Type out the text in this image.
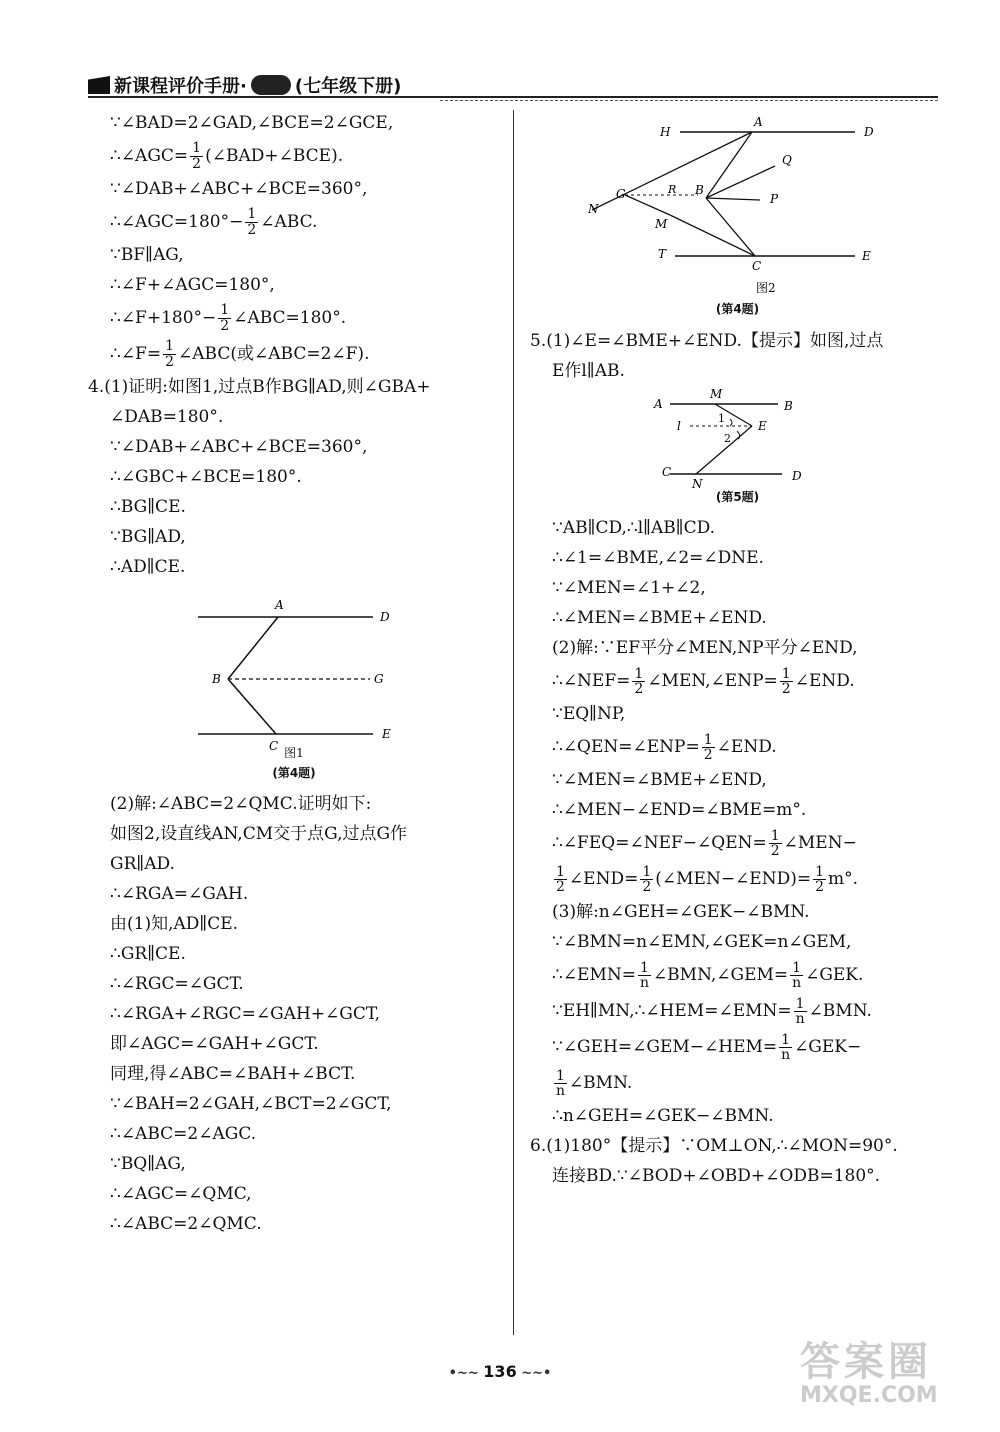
新课程评价手册·	(七年级下册)
∵∠BAD=2∠GAD,∠BCE=2∠GCE,
∴∠AGC= $\frac{1}{2}$ (∠BAD+∠BCE).
∵∠DAB+∠ABC+∠BCE=360°,
∴∠AGC=180°− $\frac{1}{2}$ ∠ABC.
∵BF∥AG,
∴∠F+∠AGC=180°,
∴∠F+180°− $\frac{1}{2}$ ∠ABC=180°.
∴∠F= $\frac{1}{2}$ ∠ABC(或∠ABC=2∠F).
4.(1)证明:如图1,过点B作BG∥AD,则∠GBA+
∠DAB=180°.
∵∠DAB+∠ABC+∠BCE=360°,
∴∠GBC+∠BCE=180°.
∴BG∥CE.
∵BG∥AD,
∴AD∥CE.
A
D
B	G
C
E
图1
(第4题)
(2)解:∠ABC=2∠QMC.证明如下:
如图2,设直线AN,CM交于点G,过点G作
GR∥AD.
∴∠RGA=∠GAH.
由(1)知,AD∥CE.
∴GR∥CE.
∴∠RGC=∠GCT.
∴∠RGA+∠RGC=∠GAH+∠GCT,
即∠AGC=∠GAH+∠GCT.
同理,得∠ABC=∠BAH+∠BCT.
∵∠BAH=2∠GAH,∠BCT=2∠GCT,
∴∠ABC=2∠AGC.
∵BQ∥AG,
∴∠AGC=∠QMC,
∴∠ABC=2∠QMC.
H
A
D
Q
G	R B
P
N
M
T
C
E
图2
(第4题)
5.(1)∠E=∠BME+∠END.【提示】如图,过点
E作l∥AB.
A
M
B
l
1
E
2
C
N
D
(第5题)
∵AB∥CD,∴l∥AB∥CD.
∴∠1=∠BME,∠2=∠DNE.
∵∠MEN=∠1+∠2,
∴∠MEN=∠BME+∠END.
(2)解:∵EF平分∠MEN,NP平分∠END,
∴∠NEF= $\frac{1}{2}$ ∠MEN,∠ENP= $\frac{1}{2}$ ∠END.
∵EQ∥NP,
∴∠QEN=∠ENP= $\frac{1}{2}$ ∠END.
∵∠MEN=∠BME+∠END,
∴∠MEN−∠END=∠BME=m°.
∴∠FEQ=∠NEF−∠QEN= $\frac{1}{2}$ ∠MEN−
$\frac{1}{2}$ ∠END= $\frac{1}{2}$ (∠MEN−∠END)= $\frac{1}{2} m^\circ$.
(3)解:n∠GEH=∠GEK−∠BMN.
∵∠BMN=n∠EMN,∠GEK=n∠GEM,
∴∠EMN= $\frac{1}{n}$ ∠BMN,∠GEM= $\frac{1}{n}$ ∠GEK.
∵EH∥MN,∴∠HEM=∠EMN= $\frac{1}{n}$ ∠BMN.
∵∠GEH=∠GEM−∠HEM= $\frac{1}{n}$ ∠GEK−
$\frac{1}{n}$ ∠BMN.
∴n∠GEH=∠GEK−∠BMN.
6.(1)180°【提示】∵OM⊥ON,∴∠MON=90°.
连接BD.∵∠BOD+∠OBD+∠ODB=180°.
•~~ 136 ~~•	答案圈
MXQE.COM
